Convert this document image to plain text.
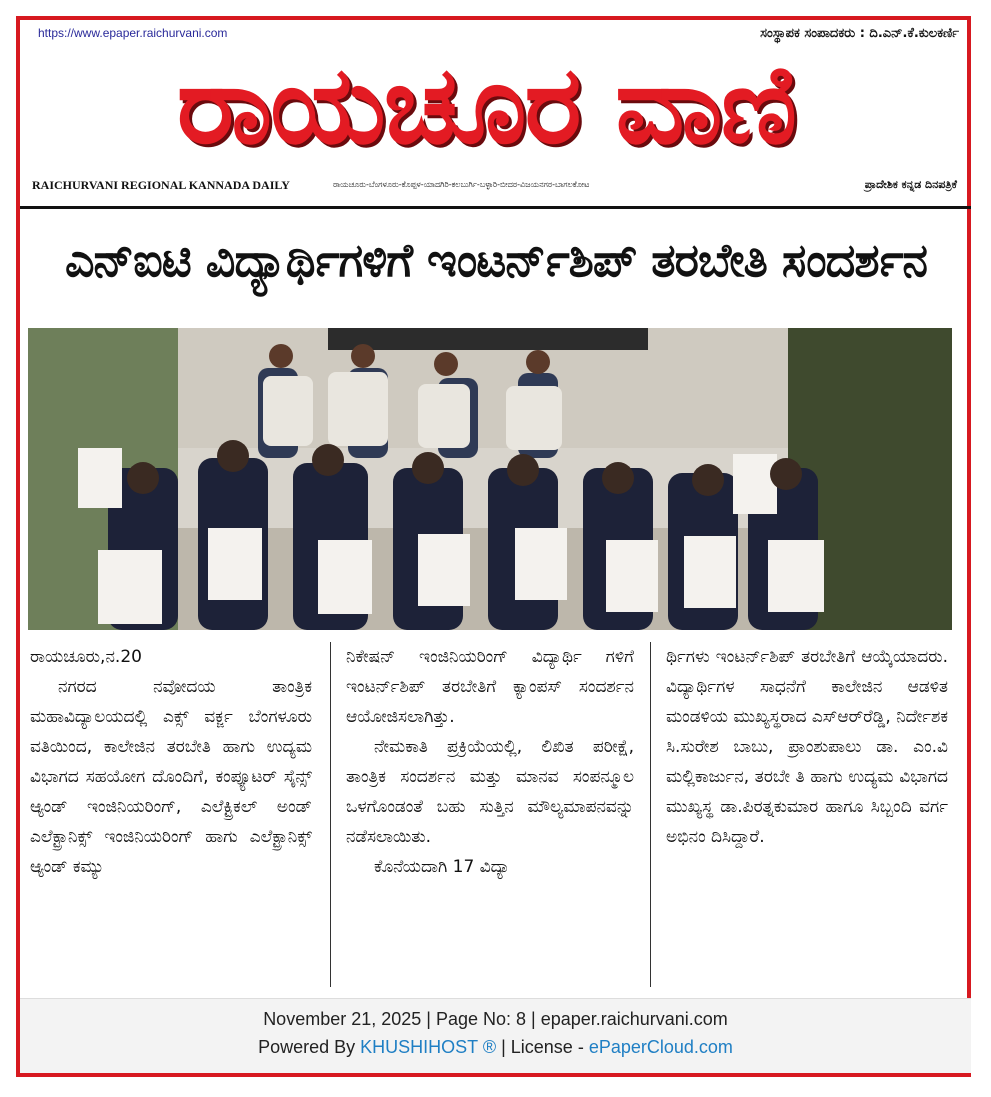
https://www.epaper.raichurvani.com	ಸಂಸ್ಥಾಪಕ ಸಂಪಾದಕರು : ದಿ.ಎನ್.ಕೆ.ಕುಲಕರ್ಣಿ
ರಾಯಚೂರ ವಾಣಿ
RAICHURVANI REGIONAL KANNADA DAILY	ರಾಯಚೂರು-ಬೆಂಗಳೂರು-ಕೊಪ್ಪಳ-ಯಾದಗಿರಿ-ಕಲಬುರ್ಗಿ-ಬಳ್ಳಾರಿ-ಬೀದರ-ವಿಜಯನಗರ-ಬಾಗಲಕೋಟ	ಪ್ರಾದೇಶಿಕ ಕನ್ನಡ ದಿನಪತ್ರಿಕೆ
ಎನ್‌ಐಟಿ ವಿದ್ಯಾರ್ಥಿಗಳಿಗೆ ಇಂಟರ್ನ್‌ಶಿಪ್ ತರಬೇತಿ ಸಂದರ್ಶನ

ರಾಯಚೂರು,ನ.20

ನಗರದ ನವೋದಯ ತಾಂತ್ರಿಕ ಮಹಾವಿದ್ಯಾಲಯದಲ್ಲಿ ಎಕ್ಸ್ ವರ್ಕ್ಜ ಬೆಂಗಳೂರು ವತಿಯಿಂದ, ಕಾಲೇಜಿನ ತರಬೇತಿ ಹಾಗು ಉದ್ಯಮ ವಿಭಾಗದ ಸಹಯೋಗ ದೊಂದಿಗೆ, ಕಂಪ್ಯೂಟರ್ ಸೈನ್ಸ್ ಆ್ಯಂಡ್ ಇಂಜಿನಿಯರಿಂಗ್, ಎಲೆಕ್ಟ್ರಿಕಲ್ ಅಂಡ್ ಎಲೆಕ್ಟ್ರಾನಿಕ್ಸ್ ಇಂಜಿನಿಯರಿಂಗ್ ಹಾಗು ಎಲೆಕ್ಟ್ರಾನಿಕ್ಸ್ ಆ್ಯಂಡ್ ಕಮ್ಯು

ನಿಕೇಷನ್ ಇಂಜಿನಿಯರಿಂಗ್ ವಿದ್ಯಾರ್ಥಿ ಗಳಿಗೆ ಇಂಟರ್ನ್‌ಶಿಪ್ ತರಬೇತಿಗೆ ಕ್ಯಾಂಪಸ್ ಸಂದರ್ಶನ ಆಯೋಜಿಸಲಾಗಿತ್ತು.

ನೇಮಕಾತಿ ಪ್ರಕ್ರಿಯೆಯಲ್ಲಿ, ಲಿಖಿತ ಪರೀಕ್ಷೆ, ತಾಂತ್ರಿಕ ಸಂದರ್ಶನ ಮತ್ತು ಮಾನವ ಸಂಪನ್ಮೂಲ ಒಳಗೊಂಡಂತೆ ಬಹು ಸುತ್ತಿನ ಮೌಲ್ಯಮಾಪನವನ್ನು ನಡೆಸಲಾಯಿತು.

ಕೊನೆಯದಾಗಿ 17 ವಿದ್ಯಾ

ರ್ಥಿಗಳು ಇಂಟರ್ನ್‌ಶಿಪ್ ತರಬೇತಿಗೆ ಆಯ್ಕೆಯಾದರು. ವಿದ್ಯಾರ್ಥಿಗಳ ಸಾಧನೆಗೆ ಕಾಲೇಜಿನ ಆಡಳಿತ ಮಂಡಳಿಯ ಮುಖ್ಯಸ್ಥರಾದ ಎಸ್‌ಆರ್‌ರೆಡ್ಡಿ, ನಿರ್ದೇಶಕ ಸಿ.ಸುರೇಶ ಬಾಬು, ಪ್ರಾಂಶುಪಾಲು ಡಾ. ಎಂ.ವಿ ಮಲ್ಲಿಕಾರ್ಜುನ, ತರಬೇ ತಿ ಹಾಗು ಉದ್ಯಮ ವಿಭಾಗದ ಮುಖ್ಯಸ್ಥ ಡಾ.ಪಿರತ್ನಕುಮಾರ ಹಾಗೂ ಸಿಬ್ಬಂದಿ ವರ್ಗ ಅಭಿನಂ ದಿಸಿದ್ದಾರೆ.

November 21, 2025 | Page No: 8 | epaper.raichurvani.com
Powered By KHUSHIHOST ® | License - ePaperCloud.com
